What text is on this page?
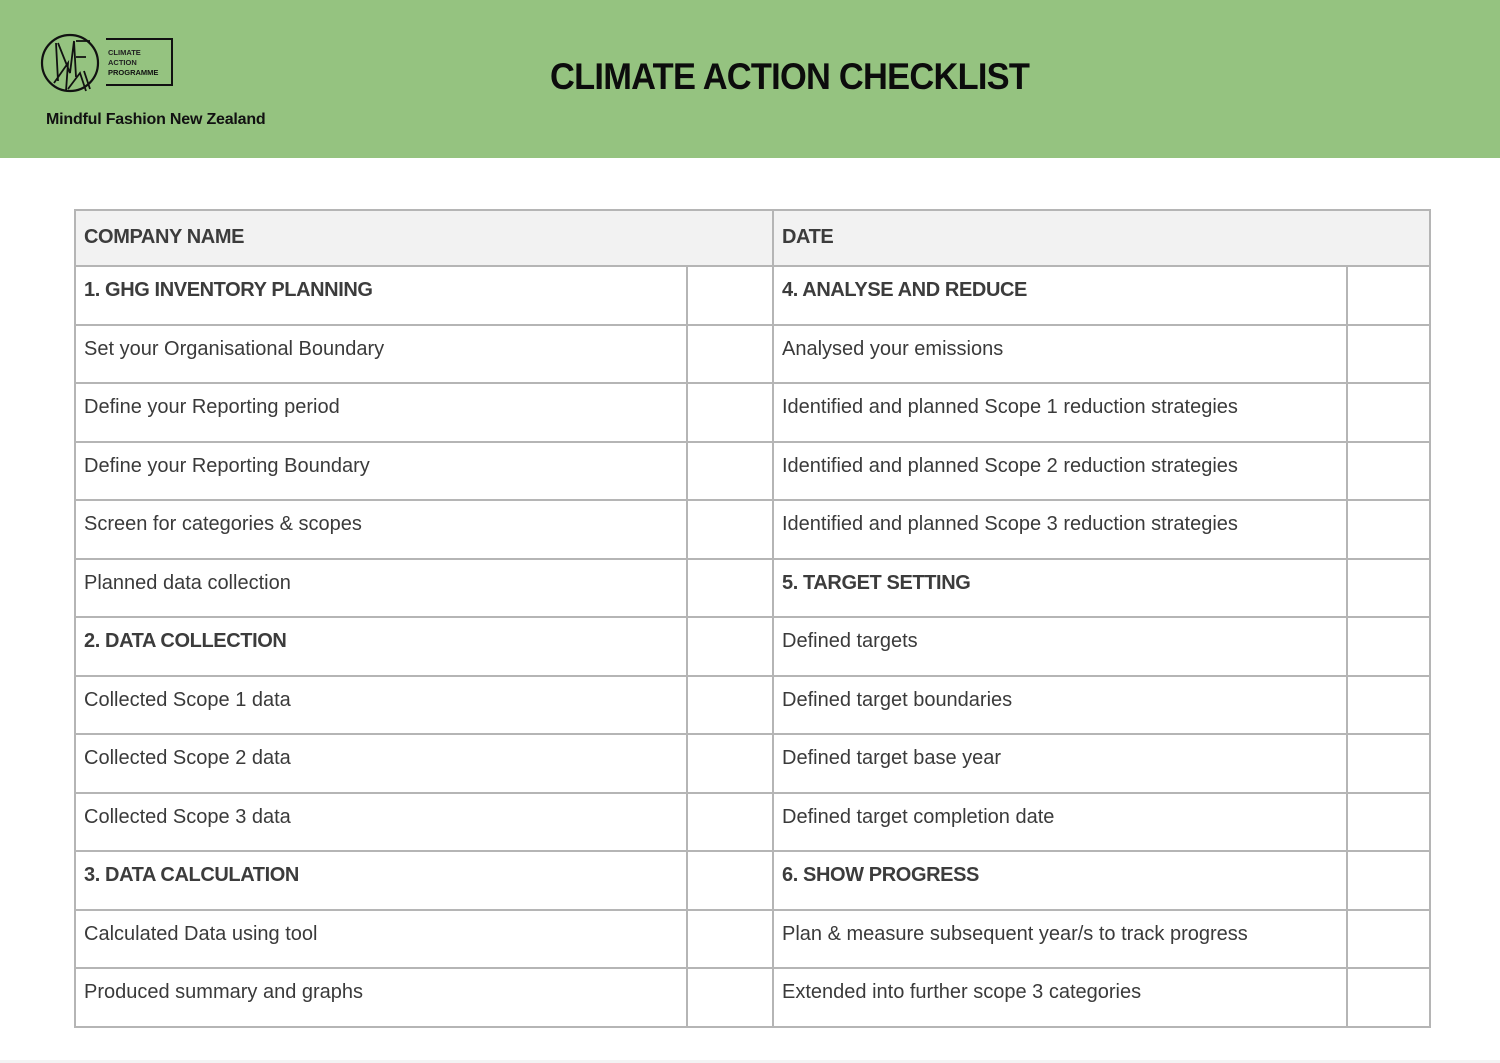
CLIMATE
ACTION
PROGRAMME
Mindful Fashion New Zealand
CLIMATE ACTION CHECKLIST
COMPANY NAME		DATE	
1. GHG INVENTORY PLANNING		4. ANALYSE AND REDUCE	
Set your Organisational Boundary		Analysed your emissions	
Define your Reporting period		Identified and planned Scope 1 reduction strategies	
Define your Reporting Boundary		Identified and planned Scope 2 reduction strategies	
Screen for categories & scopes		Identified and planned Scope 3 reduction strategies	
Planned data collection		5. TARGET SETTING	
2. DATA COLLECTION		Defined targets	
Collected Scope 1 data		Defined target boundaries	
Collected Scope 2 data		Defined target base year	
Collected Scope 3 data		Defined target completion date	
3. DATA CALCULATION		6. SHOW PROGRESS	
Calculated Data using tool		Plan & measure subsequent year/s to track progress	
Produced summary and graphs		Extended into further scope 3 categories	
